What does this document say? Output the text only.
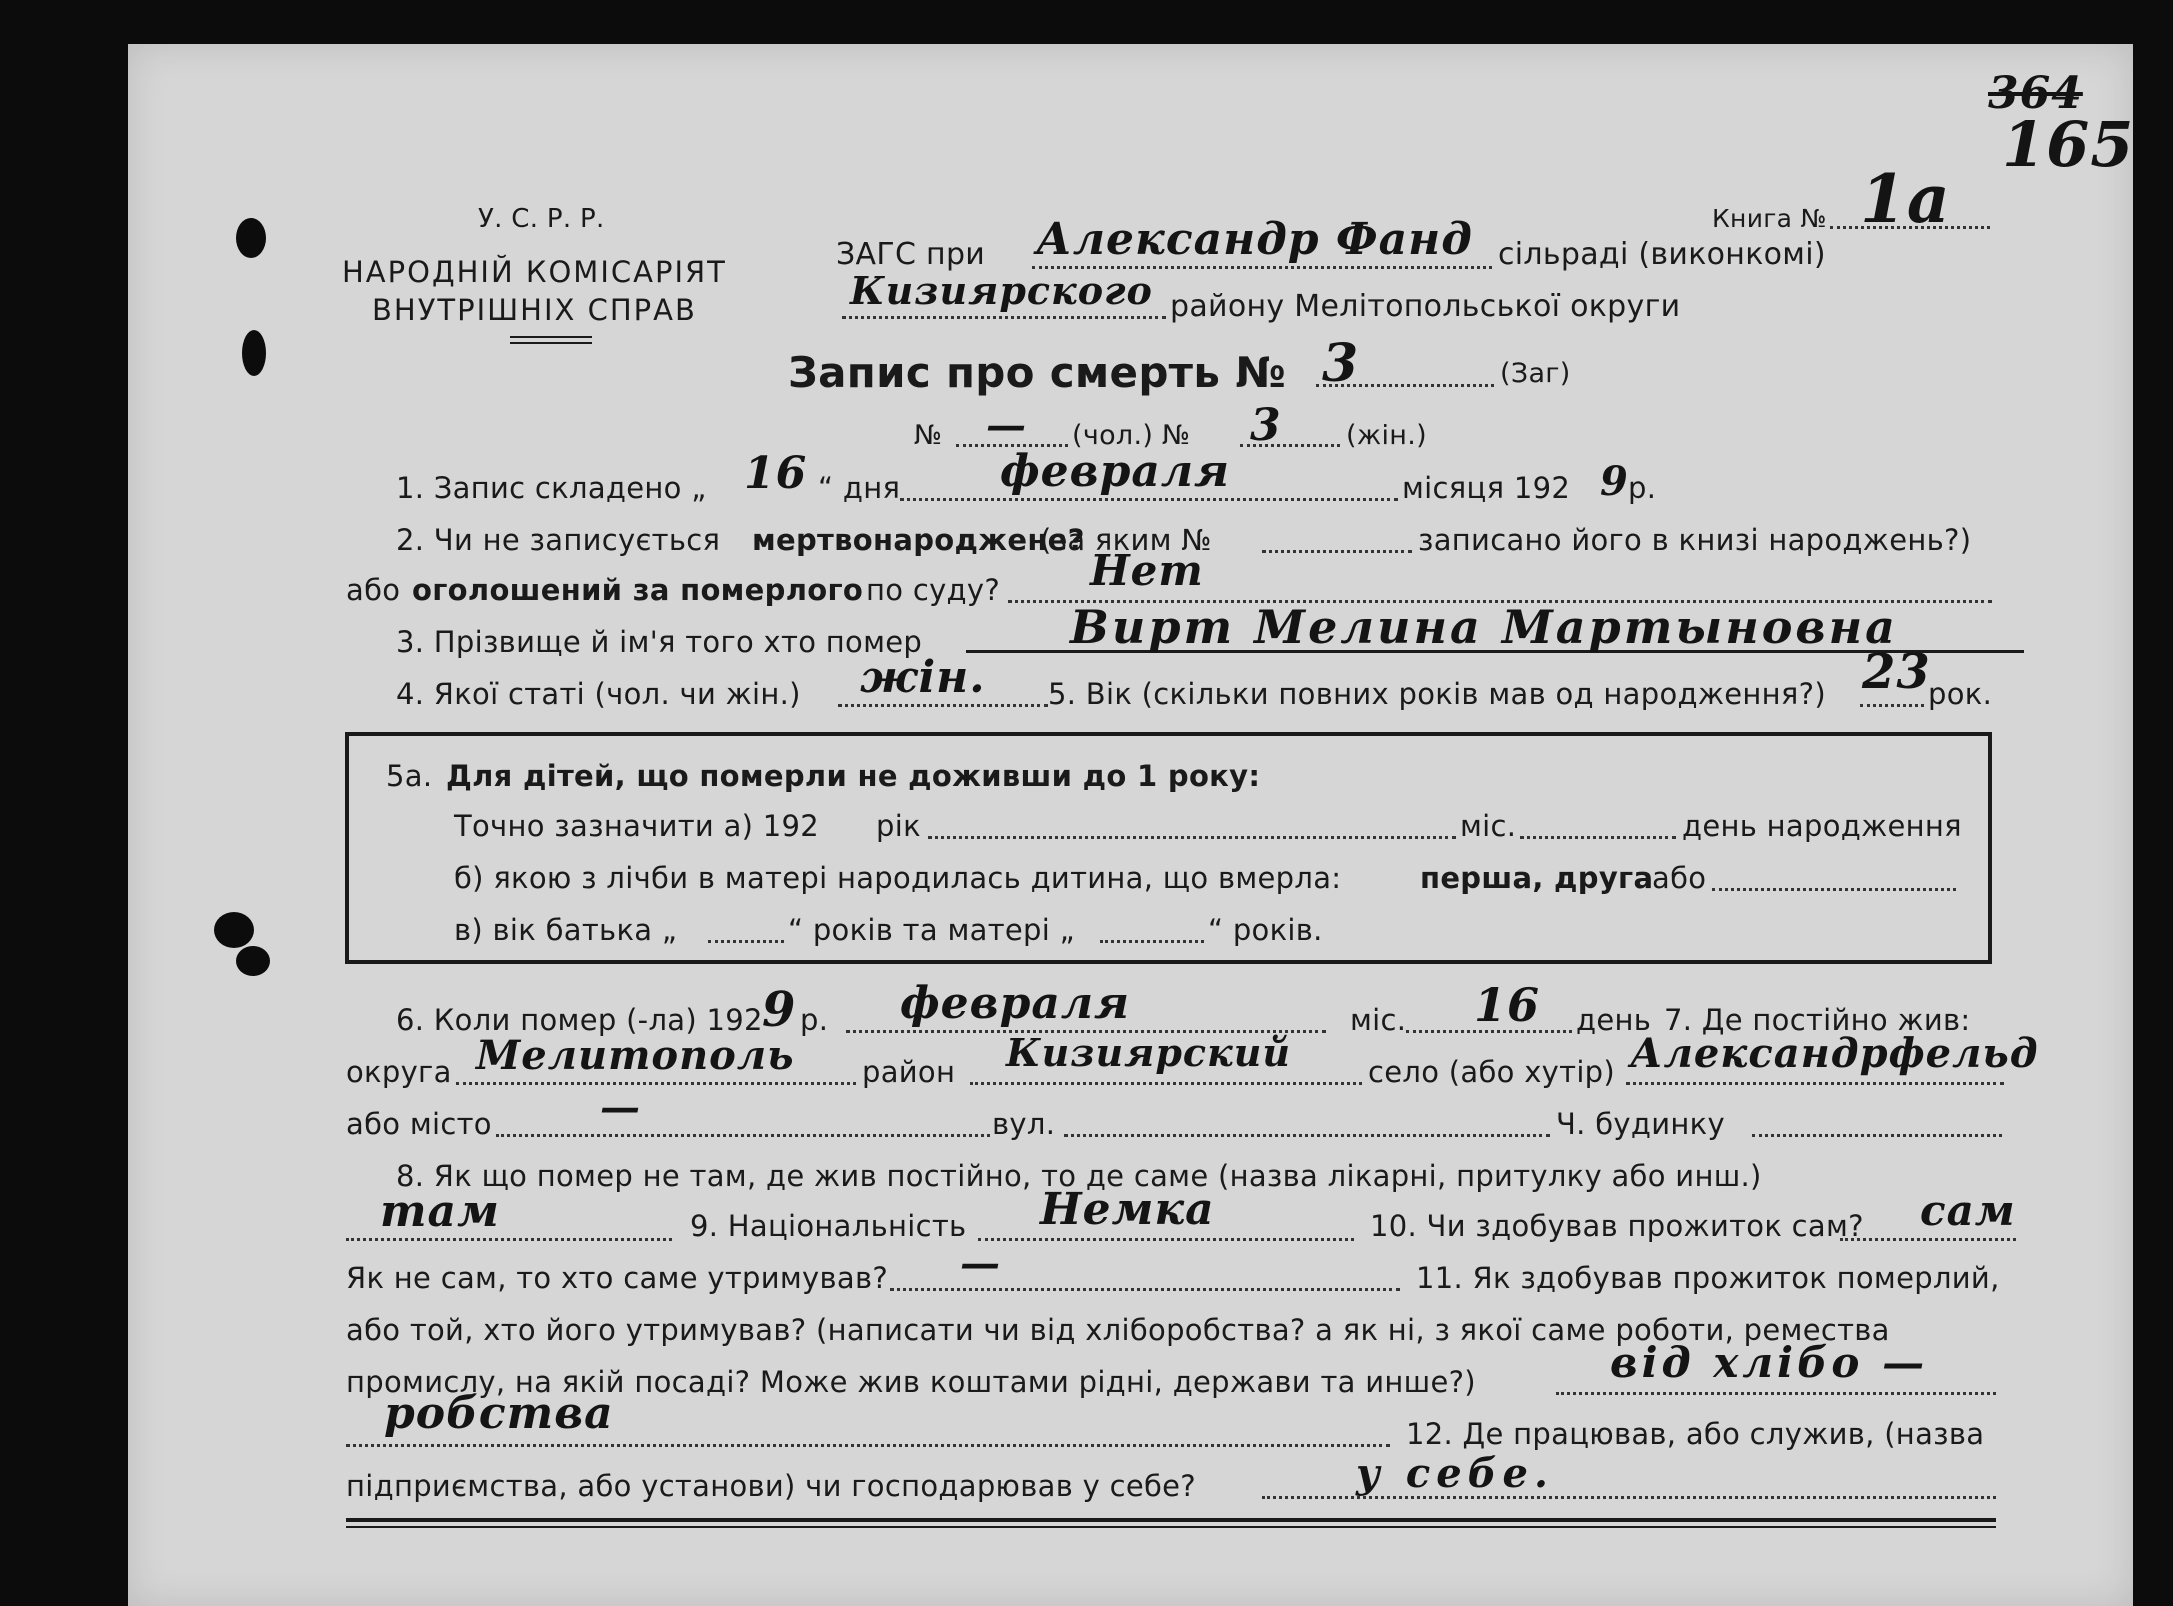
364
165
У. С. Р. Р.
НАРОДНІЙ КОМІСАРІЯТ
ВНУТРІШНІХ СПРАВ
Книга № 1а
ЗАГС при Александр Фанд сільраді (виконкомі)
Кизиярского району Мелітопольської округи
Запис про смерть № 3	(Заг)
№ — (чол.) № 3 (жін.)
1. Запис складено „ 16 “ дня февраля	місяця 192 9 р.
2. Чи не записується мертвонароджене?
(за яким №	записано його в книзі народжень?)
або оголошений за померлого по суду? Нет
3. Прізвище й ім'я того хто помер	Вирт Мелина Мартыновна
4. Якої статі (чол. чи жін.) жін. 5. Вік (скільки повних років мав од народження?) 23
рок.
5а. Для дітей, що померли не доживши до 1 року:
Точно зазначити а) 192 рік	міс.	день народження
б) якою з лічби в матері народилась дитина, що вмерла:	перша, друга
або
в) вік батька „	“ років та матері „	“ років.
6. Коли помер (-ла) 192 9 р. февраля	міс. 16 день 7. Де постійно жив:
округа Мелитополь район Кизиярский	село (або хутір) Александрфельд
або місто	—	вул.	Ч. будинку
8. Як що помер не там, де жив постійно, то де саме (назва лікарні, притулку або инш.)
там	9. Національність Немка	10. Чи здобував прожиток сам? сам
Як не сам, то хто саме утримував? —	11. Як здобував прожиток померлий,
або той, хто його утримував? (написати чи від хліборобства? а як ні, з якої саме роботи, ремества
промислу, на якій посаді? Може жив коштами рідні, держави та инше?)	від хлібо —
робства	12. Де працював, або служив, (назва
підприємства, або установи) чи господарював у себе?	у себе.
